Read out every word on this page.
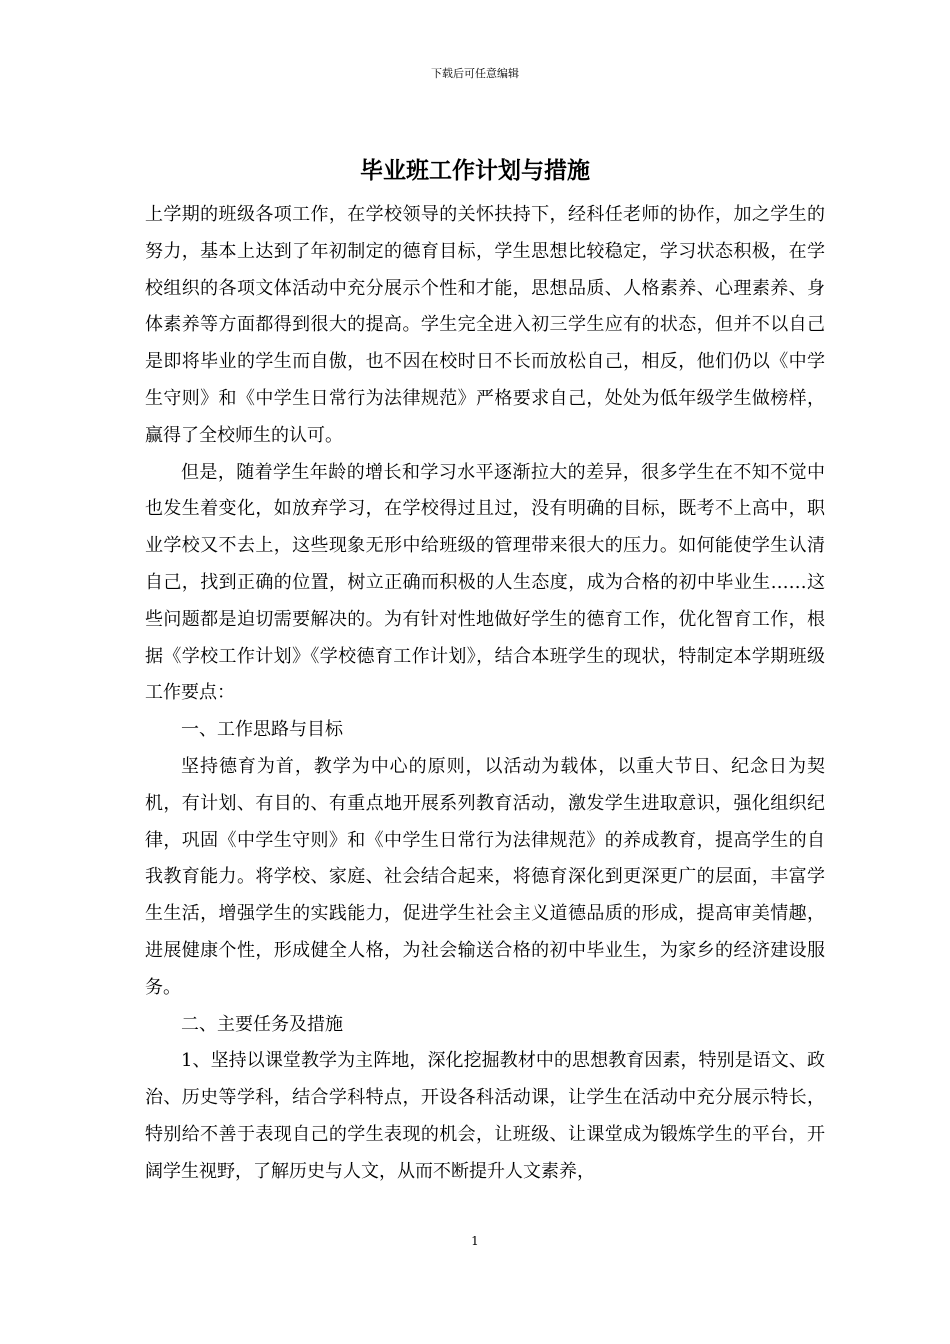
下载后可任意编辑
毕业班工作计划与措施

上学期的班级各项工作，在学校领导的关怀扶持下，经科任老师的协作，加之学生的努力，基本上达到了年初制定的德育目标，学生思想比较稳定，学习状态积极，在学校组织的各项文体活动中充分展示个性和才能，思想品质、人格素养、心理素养、身体素养等方面都得到很大的提高。学生完全进入初三学生应有的状态，但并不以自己是即将毕业的学生而自傲，也不因在校时日不长而放松自己，相反，他们仍以《中学生守则》和《中学生日常行为法律规范》严格要求自己，处处为低年级学生做榜样，赢得了全校师生的认可。

但是，随着学生年龄的增长和学习水平逐渐拉大的差异，很多学生在不知不觉中也发生着变化，如放弃学习，在学校得过且过，没有明确的目标，既考不上高中，职业学校又不去上，这些现象无形中给班级的管理带来很大的压力。如何能使学生认清自己，找到正确的位置，树立正确而积极的人生态度，成为合格的初中毕业生……这些问题都是迫切需要解决的。为有针对性地做好学生的德育工作，优化智育工作，根据《学校工作计划》《学校德育工作计划》，结合本班学生的现状，特制定本学期班级工作要点：

一、工作思路与目标

坚持德育为首，教学为中心的原则，以活动为载体，以重大节日、纪念日为契机，有计划、有目的、有重点地开展系列教育活动，激发学生进取意识，强化组织纪律，巩固《中学生守则》和《中学生日常行为法律规范》的养成教育，提高学生的自我教育能力。将学校、家庭、社会结合起来，将德育深化到更深更广的层面，丰富学生生活，增强学生的实践能力，促进学生社会主义道德品质的形成，提高审美情趣，进展健康个性，形成健全人格，为社会输送合格的初中毕业生，为家乡的经济建设服务。

二、主要任务及措施

1、坚持以课堂教学为主阵地，深化挖掘教材中的思想教育因素，特别是语文、政治、历史等学科，结合学科特点，开设各科活动课，让学生在活动中充分展示特长，特别给不善于表现自己的学生表现的机会，让班级、让课堂成为锻炼学生的平台，开阔学生视野，了解历史与人文，从而不断提升人文素养，

1
